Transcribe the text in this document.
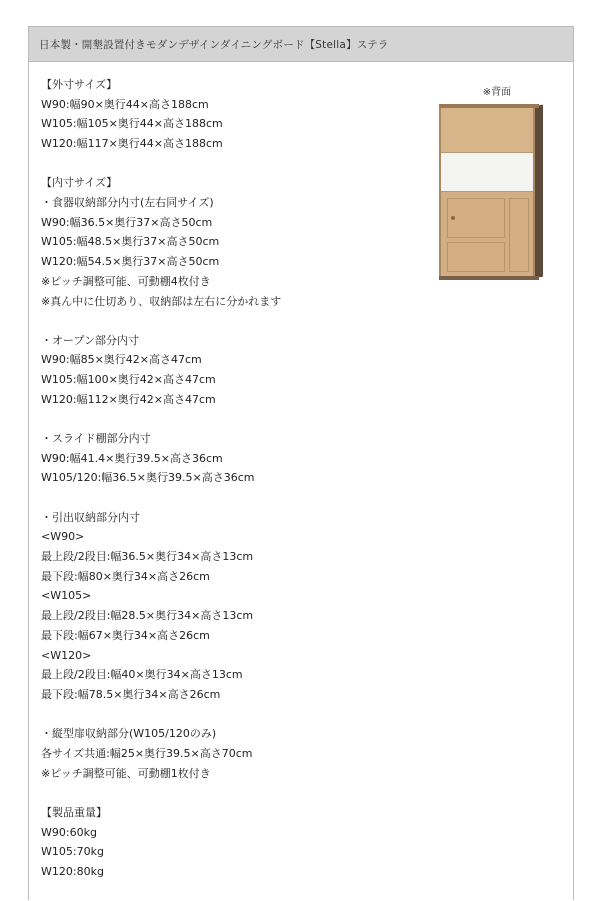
日本製・開墾設置付きモダンデザインダイニングボード【Stella】ステラ
【外寸サイズ】
W90:幅90×奥行44×高さ188cm
W105:幅105×奥行44×高さ188cm
W120:幅117×奥行44×高さ188cm
【内寸サイズ】
・食器収納部分内寸(左右同サイズ)
W90:幅36.5×奥行37×高さ50cm
W105:幅48.5×奥行37×高さ50cm
W120:幅54.5×奥行37×高さ50cm
※ピッチ調整可能、可動棚4枚付き
※真ん中に仕切あり、収納部は左右に分かれます
・オープン部分内寸
W90:幅85×奥行42×高さ47cm
W105:幅100×奥行42×高さ47cm
W120:幅112×奥行42×高さ47cm
・スライド棚部分内寸
W90:幅41.4×奥行39.5×高さ36cm
W105/120:幅36.5×奥行39.5×高さ36cm
・引出収納部分内寸
<W90>
最上段/2段目:幅36.5×奥行34×高さ13cm
最下段:幅80×奥行34×高さ26cm
<W105>
最上段/2段目:幅28.5×奥行34×高さ13cm
最下段:幅67×奥行34×高さ26cm
<W120>
最上段/2段目:幅40×奥行34×高さ13cm
最下段:幅78.5×奥行34×高さ26cm
・縦型扉収納部分(W105/120のみ)
各サイズ共通:幅25×奥行39.5×高さ70cm
※ピッチ調整可能、可動棚1枚付き
【製品重量】
W90:60kg
W105:70kg
W120:80kg
※背面
